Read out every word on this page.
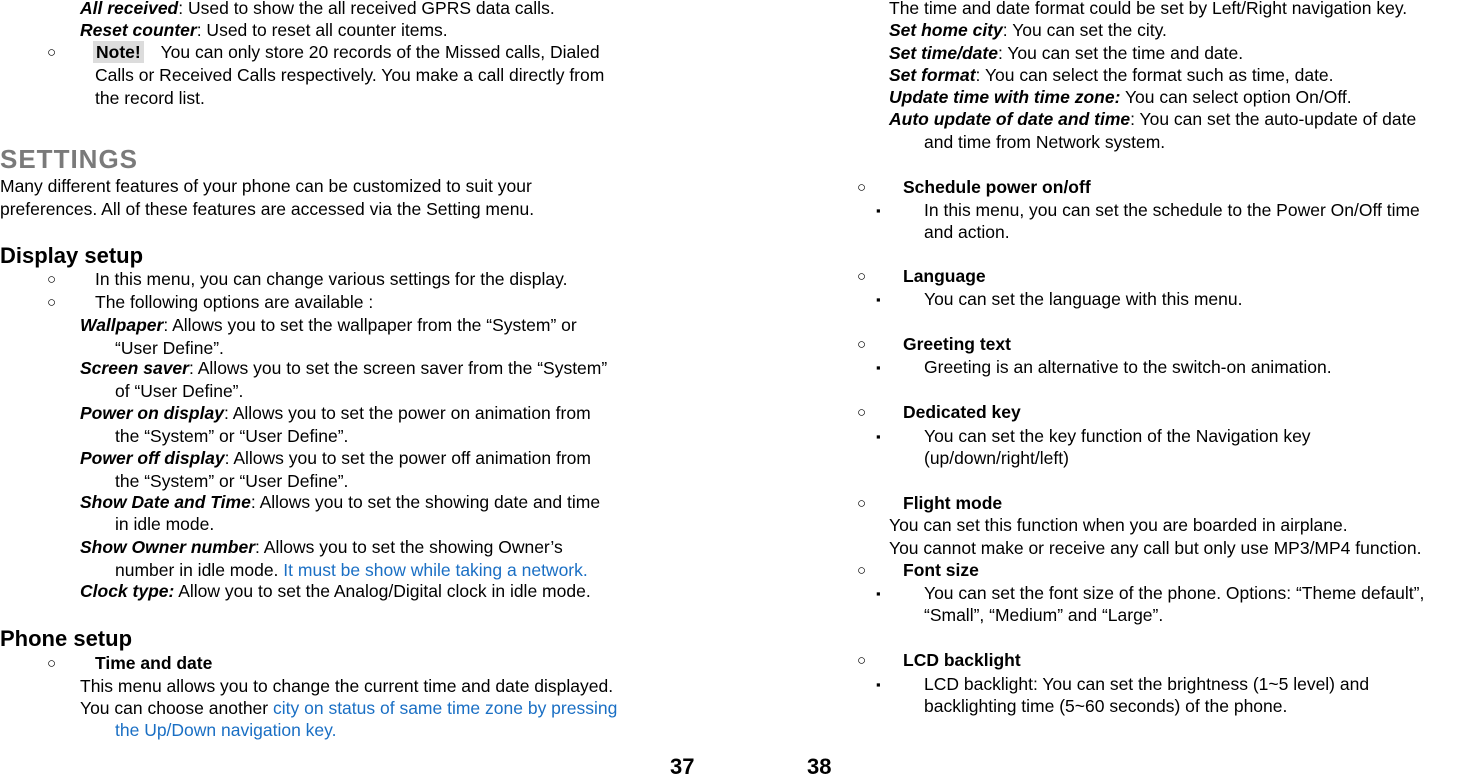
All received: Used to show the all received GPRS data calls.
Reset counter: Used to reset all counter items.
○ Note! You can only store 20 records of the Missed calls, Dialed
Calls or Received Calls respectively. You make a call directly from
the record list.
SETTINGS
Many different features of your phone can be customized to suit your
preferences. All of these features are accessed via the Setting menu.
Display setup
○ In this menu, you can change various settings for the display.
○ The following options are available :
Wallpaper: Allows you to set the wallpaper from the “System” or
“User Define”.
Screen saver: Allows you to set the screen saver from the “System”
of “User Define”.
Power on display: Allows you to set the power on animation from
the “System” or “User Define”.
Power off display: Allows you to set the power off animation from
the “System” or “User Define”.
Show Date and Time: Allows you to set the showing date and time
in idle mode.
Show Owner number: Allows you to set the showing Owner’s
number in idle mode. It must be show while taking a network.
Clock type: Allow you to set the Analog/Digital clock in idle mode.
Phone setup
○ Time and date
This menu allows you to change the current time and date displayed.
You can choose another city on status of same time zone by pressing
the Up/Down navigation key.
37
The time and date format could be set by Left/Right navigation key.
Set home city: You can set the city.
Set time/date: You can set the time and date.
Set format: You can select the format such as time, date.
Update time with time zone: You can select option On/Off.
Auto update of date and time: You can set the auto-update of date
and time from Network system.
○ Schedule power on/off
▪ In this menu, you can set the schedule to the Power On/Off time
and action.
○ Language
▪ You can set the language with this menu.
○ Greeting text
▪ Greeting is an alternative to the switch-on animation.
○ Dedicated key
▪ You can set the key function of the Navigation key
(up/down/right/left)
○ Flight mode
You can set this function when you are boarded in airplane.
You cannot make or receive any call but only use MP3/MP4 function.
○ Font size
▪ You can set the font size of the phone. Options: “Theme default”,
“Small”, “Medium” and “Large”.
○ LCD backlight
▪ LCD backlight: You can set the brightness (1~5 level) and
backlighting time (5~60 seconds) of the phone.
38
